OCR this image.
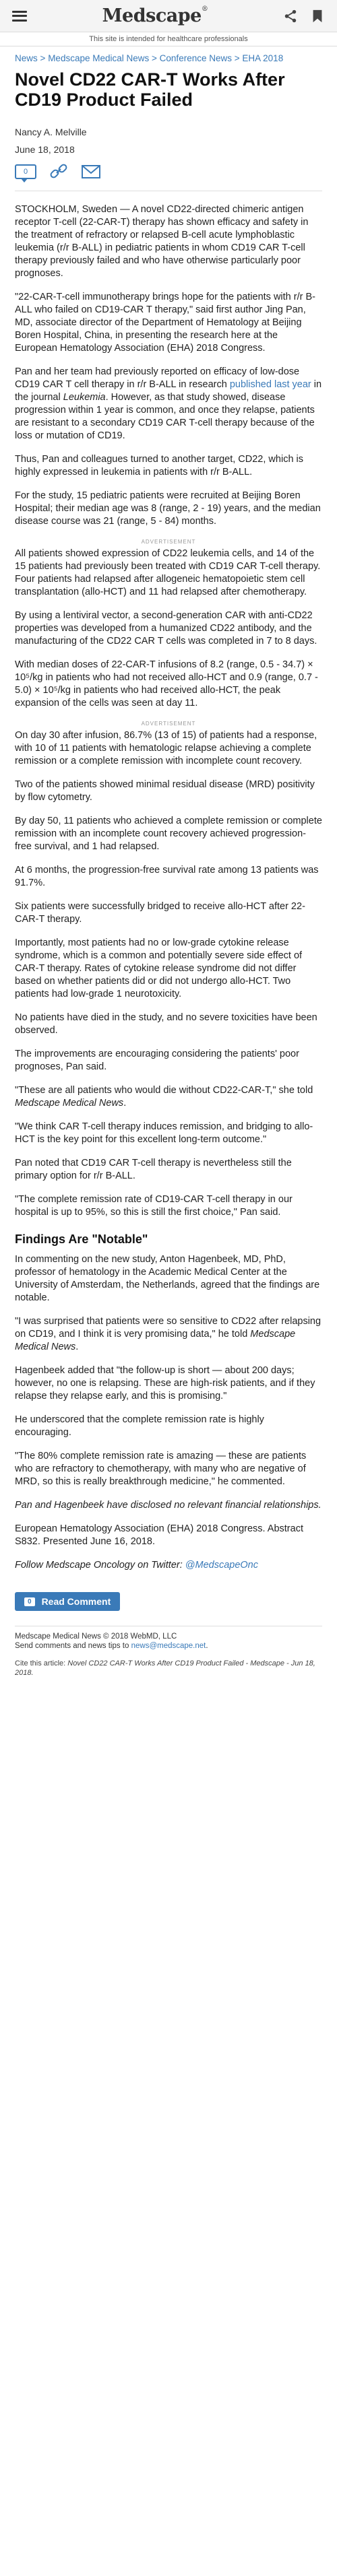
Medscape®
This site is intended for healthcare professionals
News > Medscape Medical News > Conference News > EHA 2018
Novel CD22 CAR-T Works After CD19 Product Failed
Nancy A. Melville
June 18, 2018
0

STOCKHOLM, Sweden — A novel CD22-directed chimeric antigen receptor T-cell (22-CAR-T) therapy has shown efficacy and safety in the treatment of refractory or relapsed B-cell acute lymphoblastic leukemia (r/r B-ALL) in pediatric patients in whom CD19 CAR T-cell therapy previously failed and who have otherwise particularly poor prognoses.

"22-CAR-T-cell immunotherapy brings hope for the patients with r/r B-ALL who failed on CD19-CAR T therapy," said first author Jing Pan, MD, associate director of the Department of Hematology at Beijing Boren Hospital, China, in presenting the research here at the European Hematology Association (EHA) 2018 Congress.

Pan and her team had previously reported on efficacy of low-dose CD19 CAR T cell therapy in r/r B-ALL in research published last year in the journal Leukemia. However, as that study showed, disease progression within 1 year is common, and once they relapse, patients are resistant to a secondary CD19 CAR T-cell therapy because of the loss or mutation of CD19.

Thus, Pan and colleagues turned to another target, CD22, which is highly expressed in leukemia in patients with r/r B-ALL.

For the study, 15 pediatric patients were recruited at Beijing Boren Hospital; their median age was 8 (range, 2 - 19) years, and the median disease course was 21 (range, 5 - 84) months.

ADVERTISEMENT

All patients showed expression of CD22 leukemia cells, and 14 of the 15 patients had previously been treated with CD19 CAR T-cell therapy. Four patients had relapsed after allogeneic hematopoietic stem cell transplantation (allo-HCT) and 11 had relapsed after chemotherapy.

By using a lentiviral vector, a second-generation CAR with anti-CD22 properties was developed from a humanized CD22 antibody, and the manufacturing of the CD22 CAR T cells was completed in 7 to 8 days.

With median doses of 22-CAR-T infusions of 8.2 (range, 0.5 - 34.7) × 10⁵/kg in patients who had not received allo-HCT and 0.9 (range, 0.7 - 5.0) × 10⁵/kg in patients who had received allo-HCT, the peak expansion of the cells was seen at day 11.

ADVERTISEMENT

On day 30 after infusion, 86.7% (13 of 15) of patients had a response, with 10 of 11 patients with hematologic relapse achieving a complete remission or a complete remission with incomplete count recovery.

Two of the patients showed minimal residual disease (MRD) positivity by flow cytometry.

By day 50, 11 patients who achieved a complete remission or complete remission with an incomplete count recovery achieved progression-free survival, and 1 had relapsed.

At 6 months, the progression-free survival rate among 13 patients was 91.7%.

Six patients were successfully bridged to receive allo-HCT after 22-CAR-T therapy.

Importantly, most patients had no or low-grade cytokine release syndrome, which is a common and potentially severe side effect of CAR-T therapy. Rates of cytokine release syndrome did not differ based on whether patients did or did not undergo allo-HCT. Two patients had low-grade 1 neurotoxicity.

No patients have died in the study, and no severe toxicities have been observed.

The improvements are encouraging considering the patients' poor prognoses, Pan said.

"These are all patients who would die without CD22-CAR-T," she told Medscape Medical News.

"We think CAR T-cell therapy induces remission, and bridging to allo-HCT is the key point for this excellent long-term outcome."

Pan noted that CD19 CAR T-cell therapy is nevertheless still the primary option for r/r B-ALL.

"The complete remission rate of CD19-CAR T-cell therapy in our hospital is up to 95%, so this is still the first choice," Pan said.

Findings Are "Notable"

In commenting on the new study, Anton Hagenbeek, MD, PhD, professor of hematology in the Academic Medical Center at the University of Amsterdam, the Netherlands, agreed that the findings are notable.

"I was surprised that patients were so sensitive to CD22 after relapsing on CD19, and I think it is very promising data," he told Medscape Medical News.

Hagenbeek added that "the follow-up is short — about 200 days; however, no one is relapsing. These are high-risk patients, and if they relapse they relapse early, and this is promising."

He underscored that the complete remission rate is highly encouraging.

"The 80% complete remission rate is amazing — these are patients who are refractory to chemotherapy, with many who are negative of MRD, so this is really breakthrough medicine," he commented.

Pan and Hagenbeek have disclosed no relevant financial relationships.

European Hematology Association (EHA) 2018 Congress. Abstract S832. Presented June 16, 2018.

Follow Medscape Oncology on Twitter: @MedscapeOnc

0	Read Comment
Medscape Medical News © 2018 WebMD, LLC
Send comments and news tips to news@medscape.net.
Cite this article: Novel CD22 CAR-T Works After CD19 Product Failed - Medscape - Jun 18, 2018.
